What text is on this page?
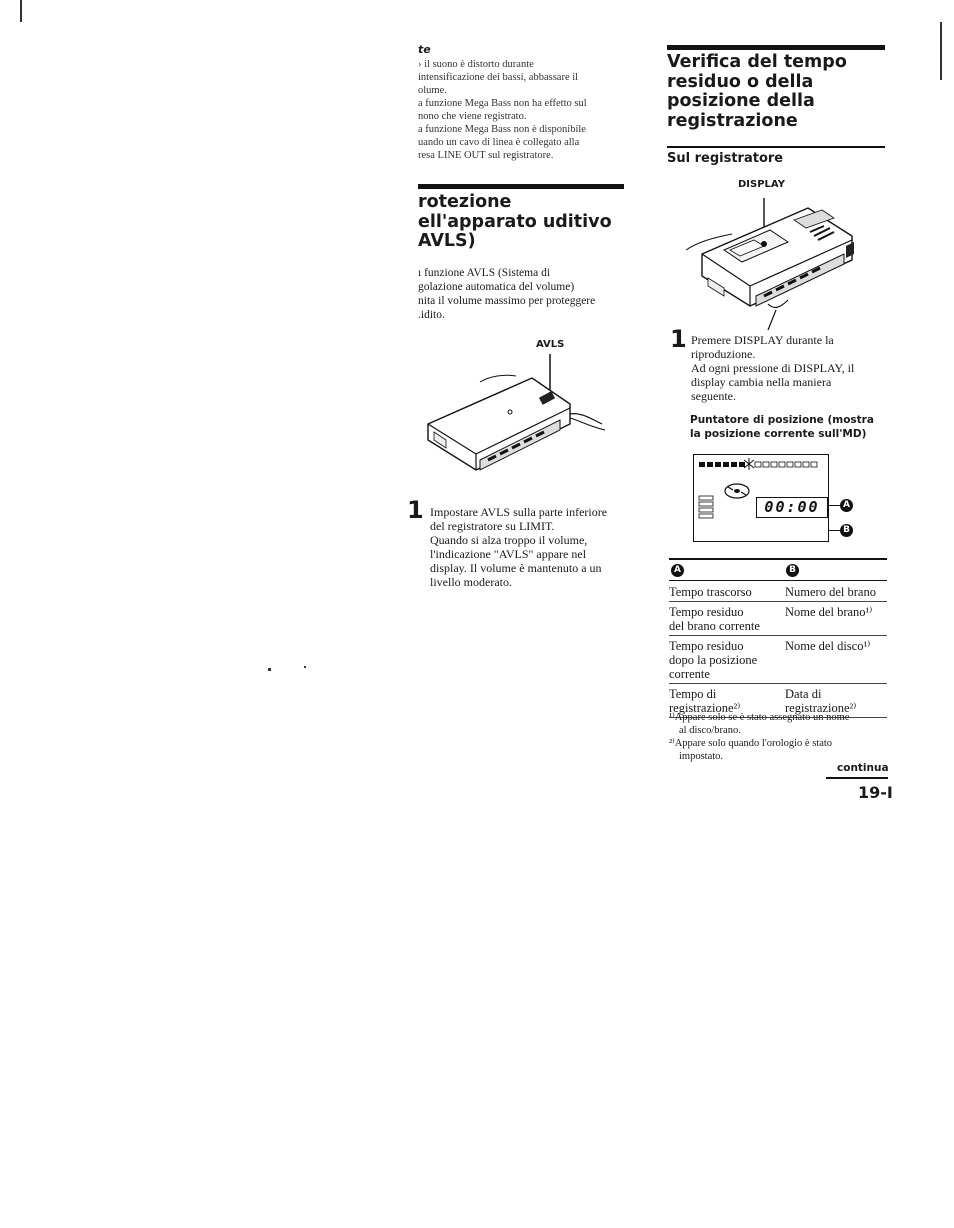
te
› il suono è distorto durante
intensificazione dei bassi, abbassare il
olume.
a funzione Mega Bass non ha effetto sul
nono che viene registrato.
a funzione Mega Bass non è disponibile
uando un cavo di linea è collegato alla
resa LINE OUT sul registratore.
rotezione
ell'apparato uditivo
AVLS)
ı funzione AVLS (Sistema di
golazione automatica del volume)
nita il volume massimo per proteggere
.idito.
AVLS
1 Impostare AVLS sulla parte inferiore
del registratore su LIMIT.
Quando si alza troppo il volume,
l'indicazione "AVLS" appare nel
display. Il volume è mantenuto a un
livello moderato.
Verifica del tempo
residuo o della
posizione della
registrazione
Sul registratore
DISPLAY
1 Premere DISPLAY durante la
riproduzione.
Ad ogni pressione di DISPLAY, il
display cambia nella maniera
seguente.
Puntatore di posizione (mostra
la posizione corrente sull'MD)
00:00	A
B
A	B
Tempo trascorso	Numero del brano

Tempo residuo
del brano corrente	Nome del brano¹⁾

Tempo residuo
dopo la posizione
corrente	Nome del disco¹⁾

Tempo di
registrazione²⁾	Data di
registrazione²⁾
¹⁾Appare solo se è stato assegnato un nome
al disco/brano.
²⁾Appare solo quando l'orologio è stato
impostato.
continua
19-I
